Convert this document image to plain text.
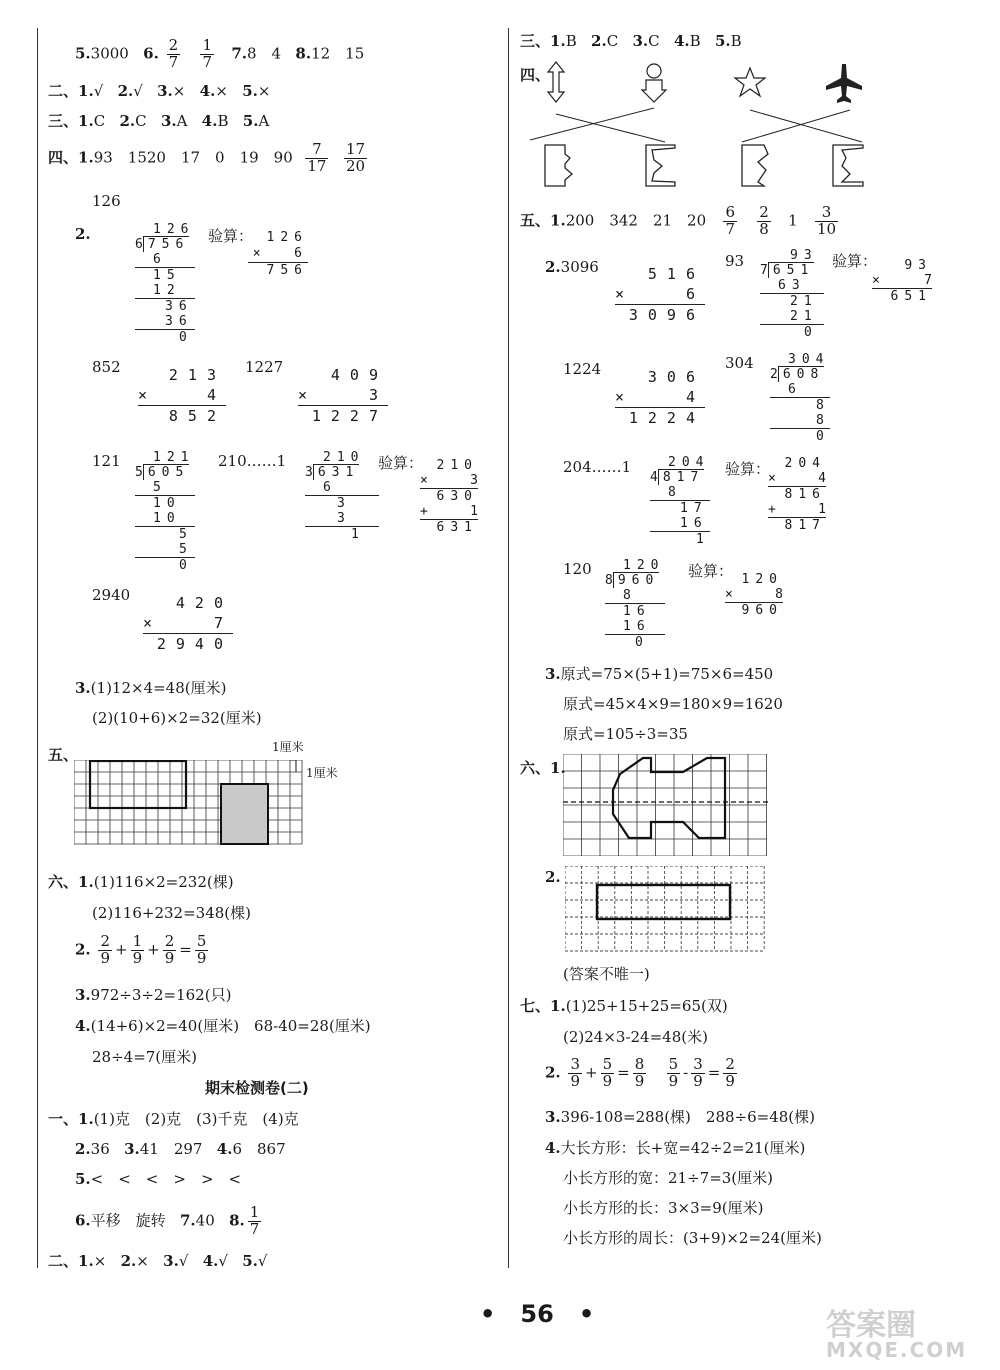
5.3000 6. $\frac{2}{7}$
$\frac{1}{7} 7.8$　4 8.12　15
二、1.√ 2.√ 3.× 4.× 5.×
三、1.C 2.C 3.A 4.B 5.A
四、1.93　1520　17　0　19　$90 \frac{7}{17}$
$\frac{17}{20}$
126
2.	126
6 756
6
15
12
36
36
0
验算：	126
×  6
756
852	213
×	4
852
1227	409
×	3
1227
121	121
5 605
5
10
10
5
5
0
210……1	210
3 631
6
3
3
1
验算：	210
×	3
630
+	1
631
2940	420
×	7
2940
3.(1)12×4=48(厘米)
(2)(10+6)×2=32(厘米)
五、	1厘米
1厘米
六、1.(1)116×2=232(棵)
(2)116+232=348(棵)
2. $\frac{2}{9} + \frac{1}{9} + \frac{2}{9} = \frac{5}{9}$
3.972÷3÷2=162(只)
4.(14+6)×2=40(厘米)　68-40=28(厘米)
28÷4=7(厘米)
期末检测卷(二)
一、1.(1)克　(2)克　(3)千克　(4)克
2.36 3.41　297 4.6　867
5.<　<　<　>　>　<
6.平移　旋转 7.40 8. $\frac{1}{7}$
二、1.× 2.× 3.√ 4.√ 5.√
三、1.B 2.C 3.C 4.B 5.B
四、
五、1.200　342　21　$20 \frac{6}{7}$
$\frac{2}{8} 1 \frac{3}{10}$
2.3096	516
×	6
3096
93	93
7 651
63
21
21
0
验算：	93
×	7
651
1224	306
×	4
1224
304	304
2 608
6
8
8
0
204……1	204
4 817
8
17
16
1
验算：	204
×	4
816
+	1
817
120	120
8 960
8
16
16
0
验算： 120
×	8
960
3.原式=75×(5+1)=75×6=450
原式=45×4×9=180×9=1620
原式=105÷3=35
六、1.
2.
(答案不唯一)
七、1.(1)25+15+25=65(双)
(2)24×3-24=48(米)
2. $\frac{3}{9} + \frac{5}{9} = \frac{8}{9}$
$\frac{5}{9} - \frac{3}{9} = \frac{2}{9}$
3.396-108=288(棵)　288÷6=48(棵)
4.大长方形：长+宽=42÷2=21(厘米)
小长方形的宽：21÷7=3(厘米)
小长方形的长：3×3=9(厘米)
小长方形的周长：(3+9)×2=24(厘米)
• 56 •	答案圈
MXQE.COM
